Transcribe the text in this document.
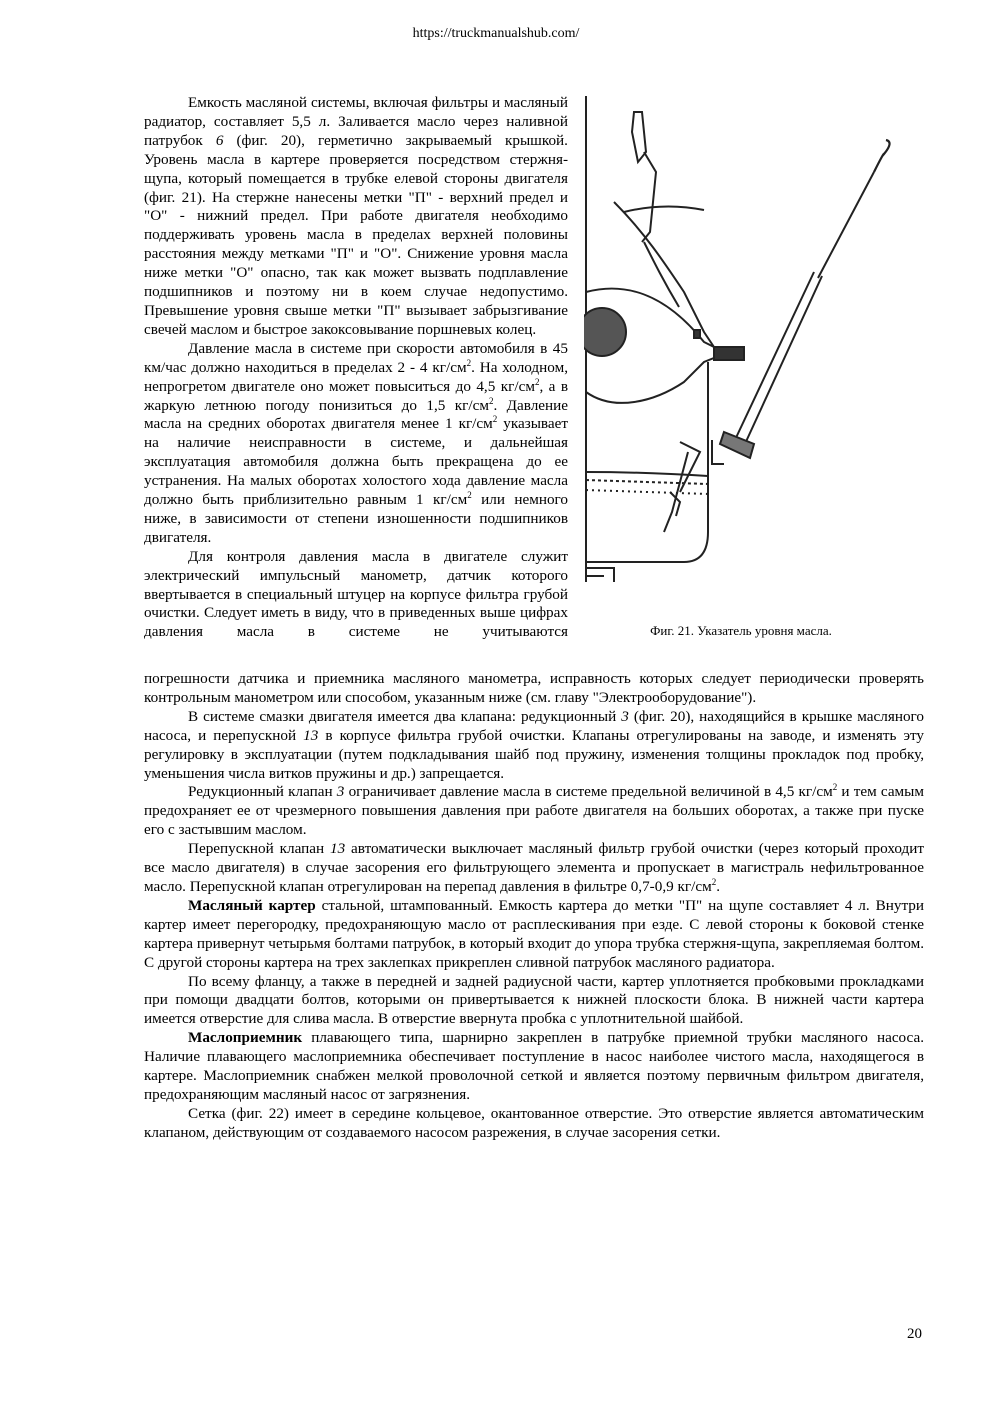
https://truckmanualshub.com/

Емкость масляной системы, включая фильтры и масляный радиатор, составляет 5,5 л. Заливается масло через наливной патрубок 6 (фиг. 20), герметично закрываемый крышкой. Уровень масла в картере проверяется посредством стержня-щупа, который помещается в трубке елевой стороны двигателя (фиг. 21). На стержне нанесены метки "П" - верхний предел и "О" - нижний предел. При работе двигателя необходимо поддерживать уровень масла в пределах верхней половины расстояния между метками "П" и "О". Снижение уровня масла ниже метки "О" опасно, так как может вызвать подплавление подшипников и поэтому ни в коем случае недопустимо. Превышение уровня свыше метки "П" вызывает забрызгивание свечей маслом и быстрое закоксовывание поршневых колец.

Давление масла в системе при скорости автомобиля в 45 км/час должно находиться в пределах 2 - 4 $кг/см^2$. На холодном, непрогретом двигателе оно может повыситься до 4,5 $кг/см^2$, а в жаркую летнюю погоду понизиться до 1,5 $кг/см^2$. Давление масла на средних оборотах двигателя менее 1 $кг/см^2$ указывает на наличие неисправности в системе, и дальнейшая эксплуатация автомобиля должна быть прекращена до ее устранения. На малых оборотах холостого хода давление масла должно быть приблизительно равным 1 $кг/см^2$ или немного ниже, в зависимости от степени изношенности подшипников двигателя.

Для контроля давления масла в двигателе служит электрический импульсный манометр, датчик которого ввертывается в специальный штуцер на корпусе фильтра грубой очистки. Следует иметь в виду, что в приведенных выше цифрах давления масла в системе не учитываются	Фиг. 21. Указатель уровня масла.

погрешности датчика и приемника масляного манометра, исправность которых следует периодически проверять контрольным манометром или способом, указанным ниже (см. главу "Электрооборудование").

В системе смазки двигателя имеется два клапана: редукционный 3 (фиг. 20), находящийся в крышке масляного насоса, и перепускной 13 в корпусе фильтра грубой очистки. Клапаны отрегулированы на заводе, и изменять эту регулировку в эксплуатации (путем подкладывания шайб под пружину, изменения толщины прокладок под пробку, уменьшения числа витков пружины и др.) запрещается.

Редукционный клапан 3 ограничивает давление масла в системе предельной величиной в 4,5 $кг/см^2$ и тем самым предохраняет ее от чрезмерного повышения давления при работе двигателя на больших оборотах, а также при пуске его с застывшим маслом.

Перепускной клапан 13 автоматически выключает масляный фильтр грубой очистки (через который проходит все масло двигателя) в случае засорения его фильтрующего элемента и пропускает в магистраль нефильтрованное масло. Перепускной клапан отрегулирован на перепад давления в фильтре 0,7-0,9 $кг/см^2$.

Масляный картер стальной, штампованный. Емкость картера до метки "П" на щупе составляет 4 л. Внутри картер имеет перегородку, предохраняющую масло от расплескивания при езде. С левой стороны к боковой стенке картера привернут четырьмя болтами патрубок, в который входит до упора трубка стержня-щупа, закрепляемая болтом. С другой стороны картера на трех заклепках прикреплен сливной патрубок масляного радиатора.

По всему фланцу, а также в передней и задней радиусной части, картер уплотняется пробковыми прокладками при помощи двадцати болтов, которыми он привертывается к нижней плоскости блока. В нижней части картера имеется отверстие для слива масла. В отверстие ввернута пробка с уплотнительной шайбой.

Маслоприемник плавающего типа, шарнирно закреплен в патрубке приемной трубки масляного насоса. Наличие плавающего маслоприемника обеспечивает поступление в насос наиболее чистого масла, находящегося в картере. Маслоприемник снабжен мелкой проволочной сеткой и является поэтому первичным фильтром двигателя, предохраняющим масляный насос от загрязнения.

Сетка (фиг. 22) имеет в середине кольцевое, окантованное отверстие. Это отверстие является автоматическим клапаном, действующим от создаваемого насосом разрежения, в случае засорения сетки.

20
